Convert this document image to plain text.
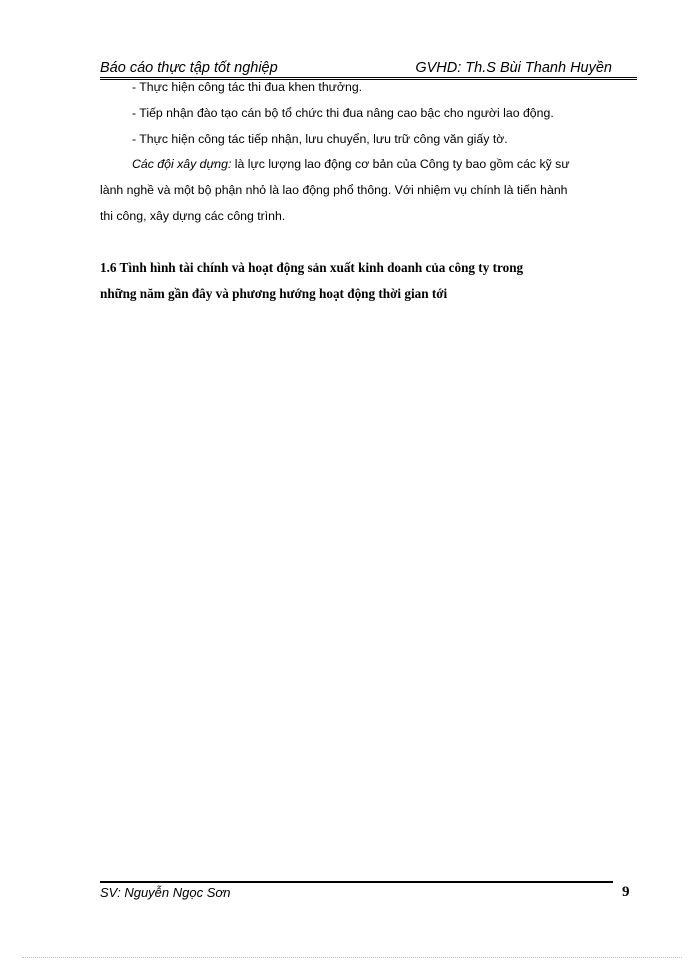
Báo cáo thực tập tốt nghiệp	GVHD: Th.S Bùi Thanh Huyền
- Thực hiện công tác thi đua khen thưởng.
- Tiếp nhận đào tạo cán bộ tổ chức thi đua nâng cao bậc cho người lao động.
- Thực hiện công tác tiếp nhận, lưu chuyển, lưu trữ công văn giấy tờ.
Các đội xây dựng: là lực lượng lao động cơ bản của Công ty bao gồm các kỹ sư
lành nghề và một bộ phận nhỏ là lao động phổ thông. Với nhiệm vụ chính là tiến hành
thi công, xây dựng các công trình.
1.6 Tình hình tài chính và hoạt động sản xuất kinh doanh của công ty trong
những năm gần đây và phương hướng hoạt động thời gian tới
SV: Nguyễn Ngọc Sơn	9
